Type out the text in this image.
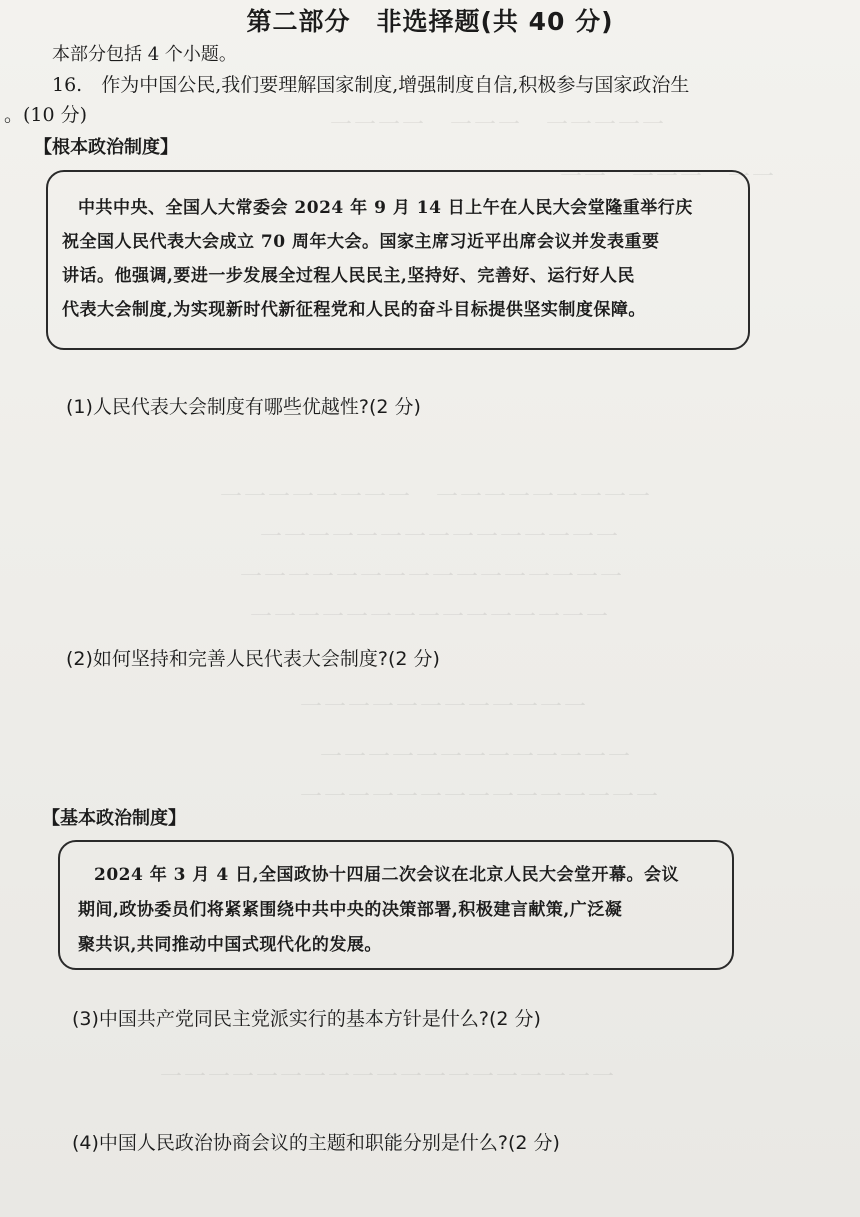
一一一一　一一一　一一一一一
一一　一一一　一一
一一一一一一一一　一一一一一一一一一
一一一一一一一一一一一一一一一
一一一一一一一一一一一一一一一一
一一一一一一一一一一一一一一一
一一一一一一一一一一一一
一一一一一一一一一一一一一
一一一一一一一一一一一一一一一
一一一一一一一一一一一一一一一一一一一
第二部分　非选择题(共 40 分)
本部分包括 4 个小题。
16.　作为中国公民,我们要理解国家制度,增强制度自信,积极参与国家政治生
。(10 分)
【根本政治制度】
中共中央、全国人大常委会 2024 年 9 月 14 日上午在人民大会堂隆重举行庆
祝全国人民代表大会成立 70 周年大会。国家主席习近平出席会议并发表重要
讲话。他强调,要进一步发展全过程人民民主,坚持好、完善好、运行好人民
代表大会制度,为实现新时代新征程党和人民的奋斗目标提供坚实制度保障。
(1)人民代表大会制度有哪些优越性?(2 分)
(2)如何坚持和完善人民代表大会制度?(2 分)
【基本政治制度】
2024 年 3 月 4 日,全国政协十四届二次会议在北京人民大会堂开幕。会议
期间,政协委员们将紧紧围绕中共中央的决策部署,积极建言献策,广泛凝
聚共识,共同推动中国式现代化的发展。
(3)中国共产党同民主党派实行的基本方针是什么?(2 分)
(4)中国人民政治协商会议的主题和职能分别是什么?(2 分)
